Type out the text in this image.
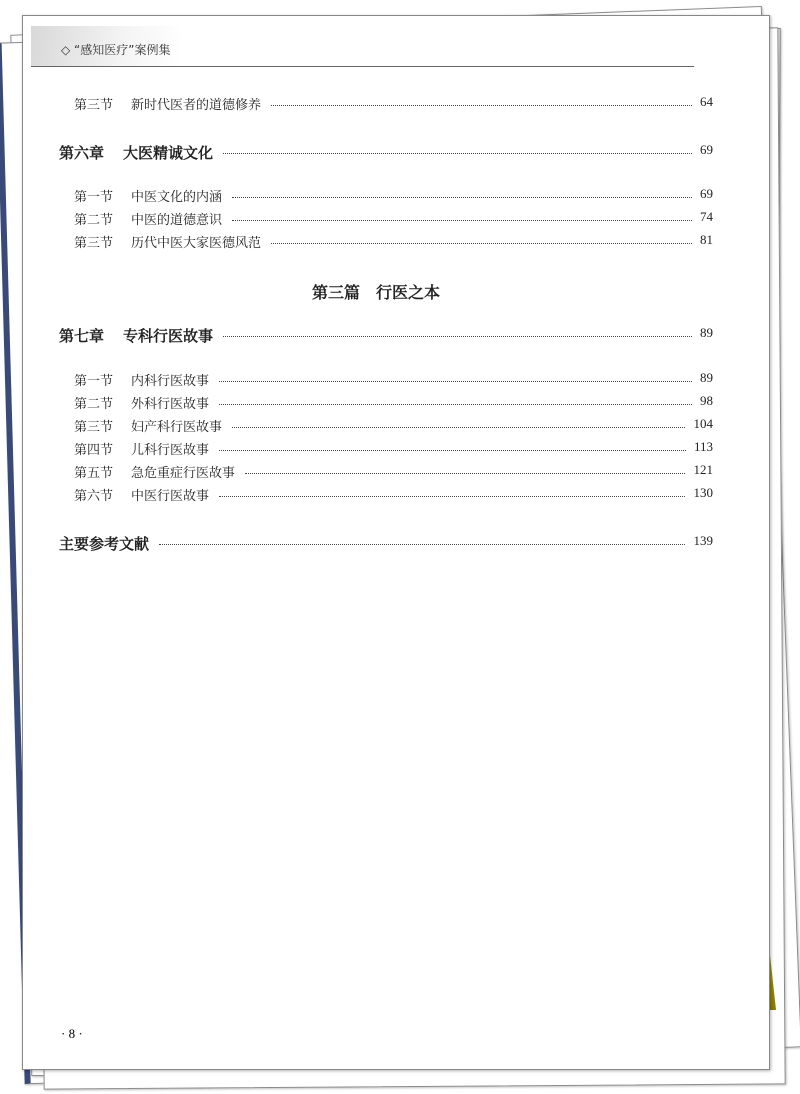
◇ “感知医疗”案例集
第三节 新时代医者的道德修养	64
第六章 大医精诚文化	69
第一节 中医文化的内涵	69
第二节 中医的道德意识	74
第三节 历代中医大家医德风范	81
第七章 专科行医故事	89
第一节 内科行医故事	89
第二节 外科行医故事	98
第三节 妇产科行医故事	104
第四节 儿科行医故事	113
第五节 急危重症行医故事	121
第六节 中医行医故事	130
主要参考文献	139
第三篇　行医之本
· 8 ·
